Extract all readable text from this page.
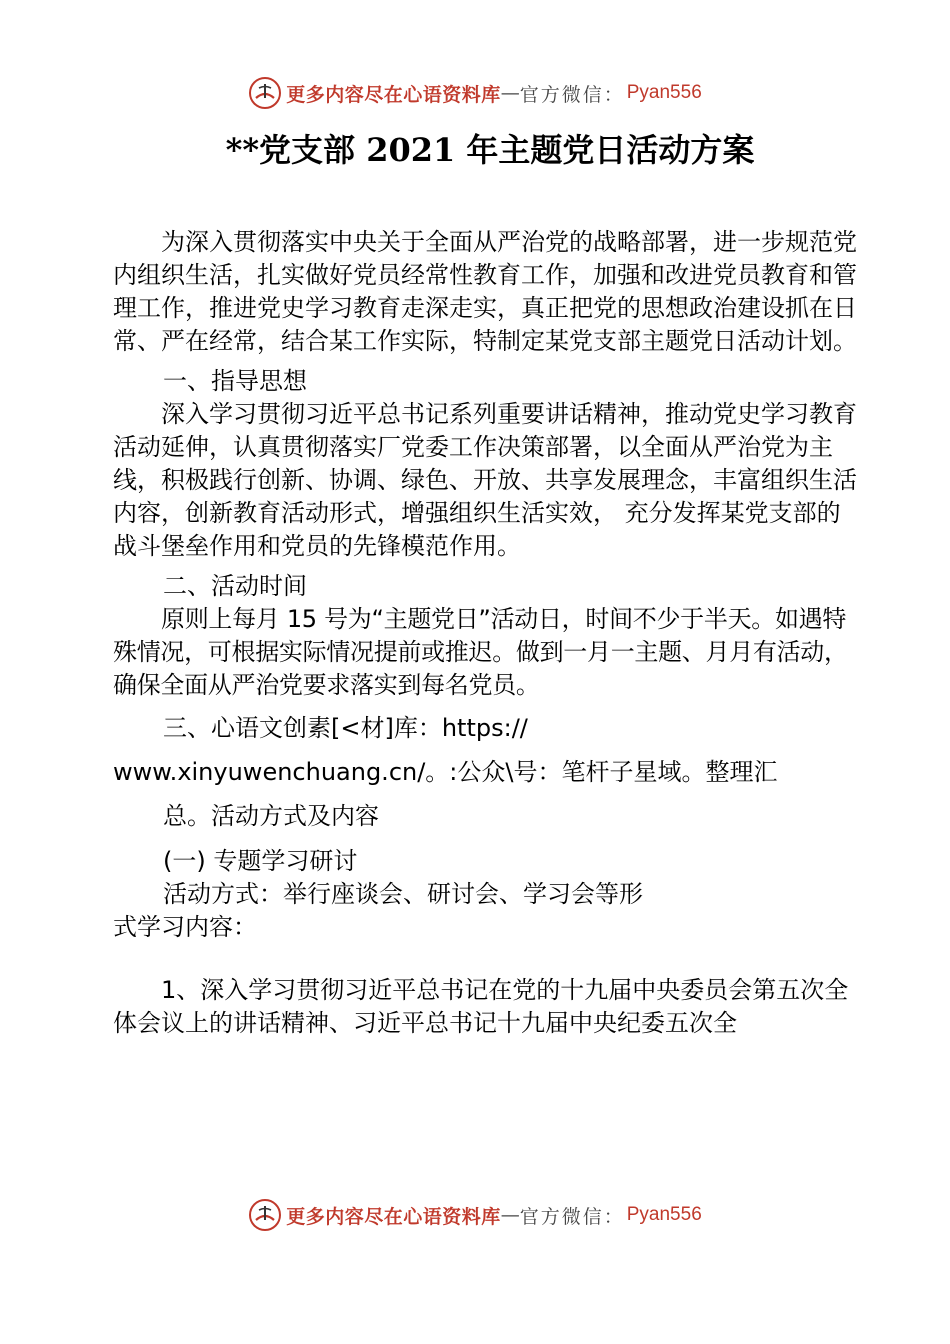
更多内容尽在心语资料库 — 官方微信： Pyan556
**党支部 2021 年主题党日活动方案

为深入贯彻落实中央关于全面从严治党的战略部署，进一步规范党内组织生活，扎实做好党员经常性教育工作，加强和改进党员教育和管理工作，推进党史学习教育走深走实，真正把党的思想政治建设抓在日常、严在经常，结合某工作实际，特制定某党支部主题党日活动计划。

一、指导思想

深入学习贯彻习近平总书记系列重要讲话精神，推动党史学习教育活动延伸，认真贯彻落实厂党委工作决策部署，以全面从严治党为主线，积极践行创新、协调、绿色、开放、共享发展理念，丰富组织生活内容，创新教育活动形式，增强组织生活实效， 充分发挥某党支部的战斗堡垒作用和党员的先锋模范作用。

二、活动时间

原则上每月 15 号为“主题党日”活动日，时间不少于半天。如遇特殊情况，可根据实际情况提前或推迟。做到一月一主题、月月有活动，确保全面从严治党要求落实到每名党员。

三、心语文创素[<材]库：https://

www.xinyuwenchuang.cn/。:公众\号：笔杆子星域。整理汇

总。活动方式及内容

(一) 专题学习研讨

活动方式：举行座谈会、研讨会、学习会等形

式学习内容：

1、深入学习贯彻习近平总书记在党的十九届中央委员会第五次全体会议上的讲话精神、习近平总书记十九届中央纪委五次全

更多内容尽在心语资料库 — 官方微信： Pyan556
